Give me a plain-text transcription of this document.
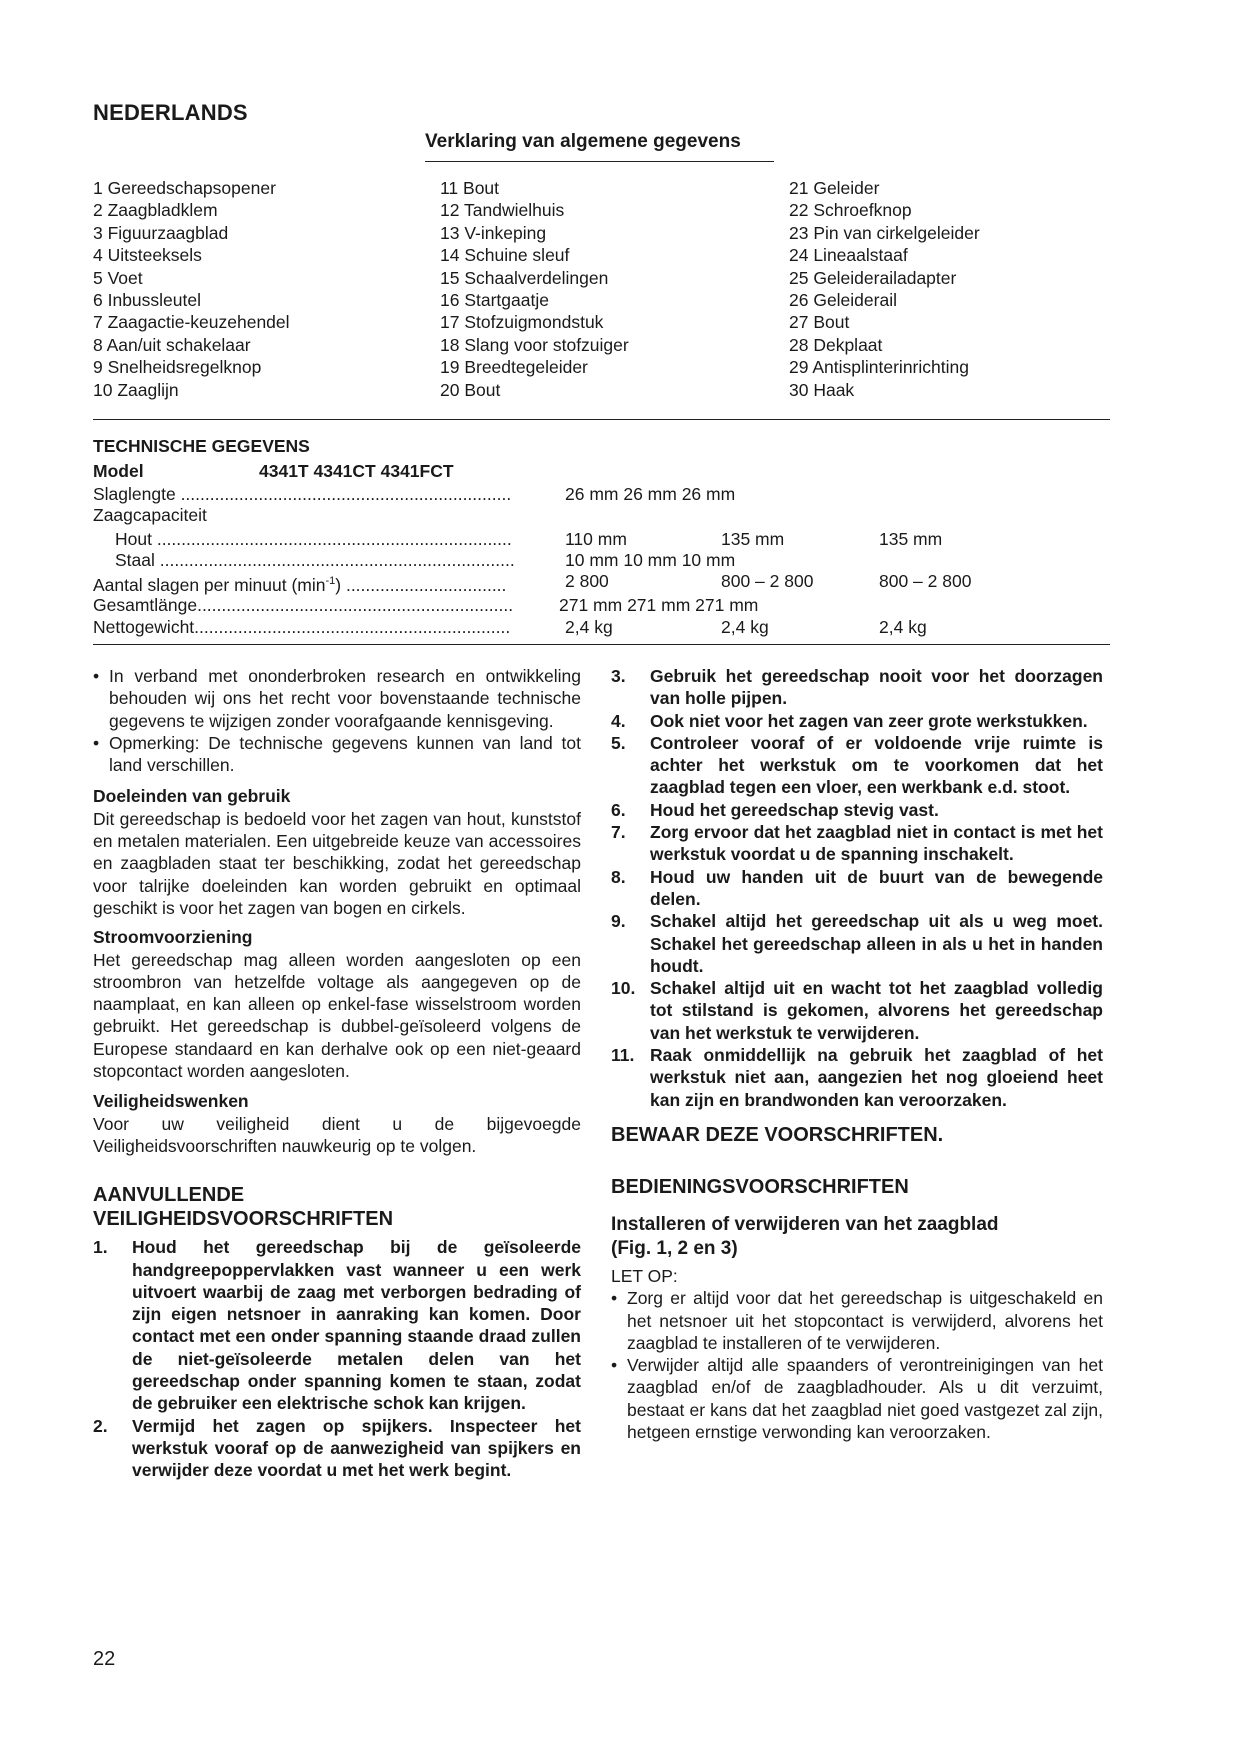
NEDERLANDS
Verklaring van algemene gegevens
1 Gereedschapsopener
2 Zaagbladklem
3 Figuurzaagblad
4 Uitsteeksels
5 Voet
6 Inbussleutel
7 Zaagactie-keuzehendel
8 Aan/uit schakelaar
9 Snelheidsregelknop
10 Zaaglijn
11 Bout
12 Tandwielhuis
13 V-inkeping
14 Schuine sleuf
15 Schaalverdelingen
16 Startgaatje
17 Stofzuigmondstuk
18 Slang voor stofzuiger
19 Breedtegeleider
20 Bout
21 Geleider
22 Schroefknop
23 Pin van cirkelgeleider
24 Lineaalstaaf
25 Geleiderailadapter
26 Geleiderail
27 Bout
28 Dekplaat
29 Antisplinterinrichting
30 Haak
TECHNISCHE GEGEVENS
Model	4341T 4341CT 4341FCT
Slaglengte ....................................................................	26 mm 26 mm 26 mm
Zaagcapaciteit
Hout .........................................................................	110 mm	135 mm	135 mm
Staal .........................................................................	10 mm 10 mm 10 mm
Aantal slagen per minuut $(\min^{-1})$ .................................	2 800	800 – 2 800	800 – 2 800
Gesamtlänge.................................................................	271 mm 271 mm 271 mm
Nettogewicht.................................................................	2,4 kg	2,4 kg	2,4 kg

• In verband met ononderbroken research en ontwikkeling behouden wij ons het recht voor bovenstaande technische gegevens te wijzigen zonder voorafgaande kennisgeving.

• Opmerking: De technische gegevens kunnen van land tot land verschillen.

Doeleinden van gebruik

Dit gereedschap is bedoeld voor het zagen van hout, kunststof en metalen materialen. Een uitgebreide keuze van accessoires en zaagbladen staat ter beschikking, zodat het gereedschap voor talrijke doeleinden kan worden gebruikt en optimaal geschikt is voor het zagen van bogen en cirkels.

Stroomvoorziening

Het gereedschap mag alleen worden aangesloten op een stroombron van hetzelfde voltage als aangegeven op de naamplaat, en kan alleen op enkel-fase wisselstroom worden gebruikt. Het gereedschap is dubbel-geïsoleerd volgens de Europese standaard en kan derhalve ook op een niet-geaard stopcontact worden aangesloten.

Veiligheidswenken

Voor uw veiligheid dient u de bijgevoegde Veiligheidsvoorschriften nauwkeurig op te volgen.

AANVULLENDE
VEILIGHEIDSVOORSCHRIFTEN
1. Houd het gereedschap bij de geïsoleerde handgreepoppervlakken vast wanneer u een werk uitvoert waarbij de zaag met verborgen bedrading of zijn eigen netsnoer in aanraking kan komen. Door contact met een onder spanning staande draad zullen de niet-geïsoleerde metalen delen van het gereedschap onder spanning komen te staan, zodat de gebruiker een elektrische schok kan krijgen.
2. Vermijd het zagen op spijkers. Inspecteer het werkstuk vooraf op de aanwezigheid van spijkers en verwijder deze voordat u met het werk begint.
3. Gebruik het gereedschap nooit voor het doorzagen van holle pijpen.
4. Ook niet voor het zagen van zeer grote werkstukken.
5. Controleer vooraf of er voldoende vrije ruimte is achter het werkstuk om te voorkomen dat het zaagblad tegen een vloer, een werkbank e.d. stoot.
6. Houd het gereedschap stevig vast.
7. Zorg ervoor dat het zaagblad niet in contact is met het werkstuk voordat u de spanning inschakelt.
8. Houd uw handen uit de buurt van de bewegende delen.
9. Schakel altijd het gereedschap uit als u weg moet. Schakel het gereedschap alleen in als u het in handen houdt.
10. Schakel altijd uit en wacht tot het zaagblad volledig tot stilstand is gekomen, alvorens het gereedschap van het werkstuk te verwijderen.
11. Raak onmiddellijk na gebruik het zaagblad of het werkstuk niet aan, aangezien het nog gloeiend heet kan zijn en brandwonden kan veroorzaken.
BEWAAR DEZE VOORSCHRIFTEN.
BEDIENINGSVOORSCHRIFTEN
Installeren of verwijderen van het zaagblad
(Fig. 1, 2 en 3)

LET OP:

• Zorg er altijd voor dat het gereedschap is uitgeschakeld en het netsnoer uit het stopcontact is verwijderd, alvorens het zaagblad te installeren of te verwijderen.

• Verwijder altijd alle spaanders of verontreinigingen van het zaagblad en/of de zaagbladhouder. Als u dit verzuimt, bestaat er kans dat het zaagblad niet goed vastgezet zal zijn, hetgeen ernstige verwonding kan veroorzaken.

22
